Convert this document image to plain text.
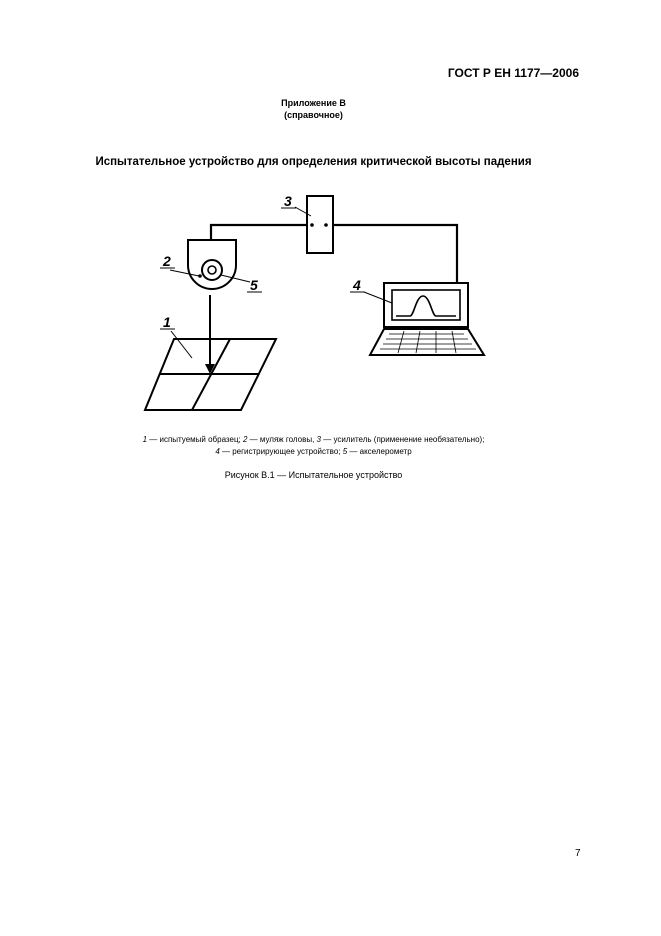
ГОСТ Р ЕН 1177—2006
Приложение В
(справочное)
Испытательное устройство для определения критической высоты падения
1
2
3
4
5
1 — испытуемый образец; 2 — муляж головы, 3 — усилитель (применение необязательно);
4 — регистрирующее устройство; 5 — акселерометр
Рисунок В.1 — Испытательное устройство
7
